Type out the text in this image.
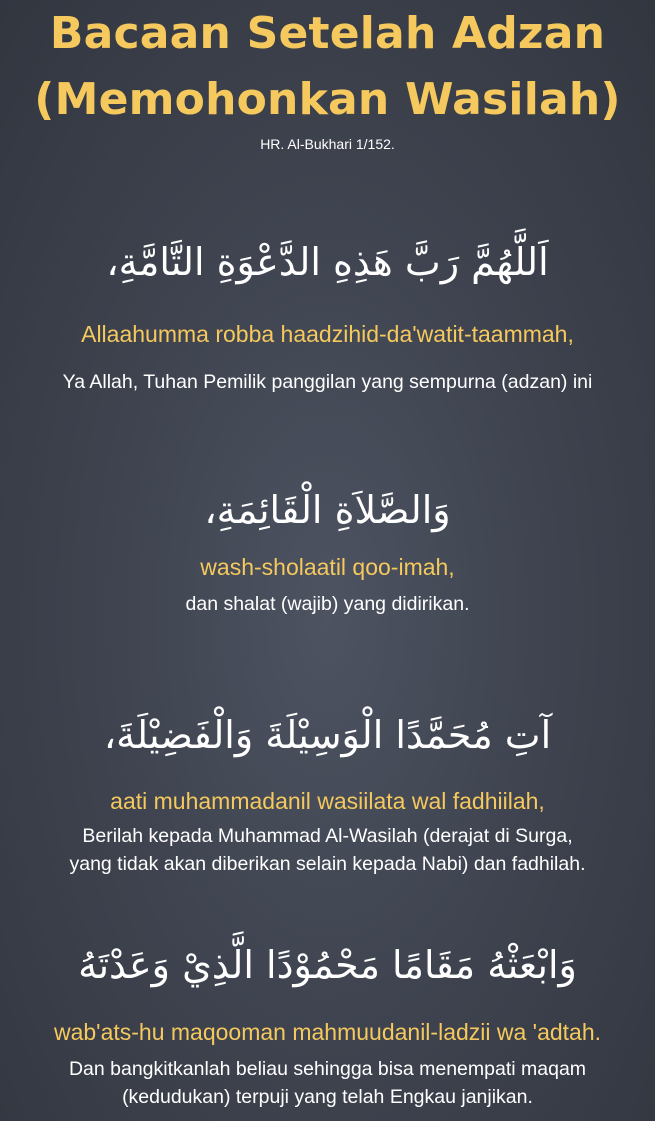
Bacaan Setelah Adzan
(Memohonkan Wasilah)
HR. Al-Bukhari 1/152.
اَللَّهُمَّ رَبَّ هَذِهِ الدَّعْوَةِ التَّامَّةِ،
Allaahumma robba haadzihid-da'watit-taammah,
Ya Allah, Tuhan Pemilik panggilan yang sempurna (adzan) ini
وَالصَّلاَةِ الْقَائِمَةِ،
wash-sholaatil qoo-imah,
dan shalat (wajib) yang didirikan.
آتِ مُحَمَّدًا الْوَسِيْلَةَ وَالْفَضِيْلَةَ،
aati muhammadanil wasiilata wal fadhiilah,
Berilah kepada Muhammad Al-Wasilah (derajat di Surga,
yang tidak akan diberikan selain kepada Nabi) dan fadhilah.
وَابْعَثْهُ مَقَامًا مَحْمُوْدًا الَّذِيْ وَعَدْتَهُ
wab'ats-hu maqooman mahmuudanil-ladzii wa 'adtah.
Dan bangkitkanlah beliau sehingga bisa menempati maqam
(kedudukan) terpuji yang telah Engkau janjikan.
